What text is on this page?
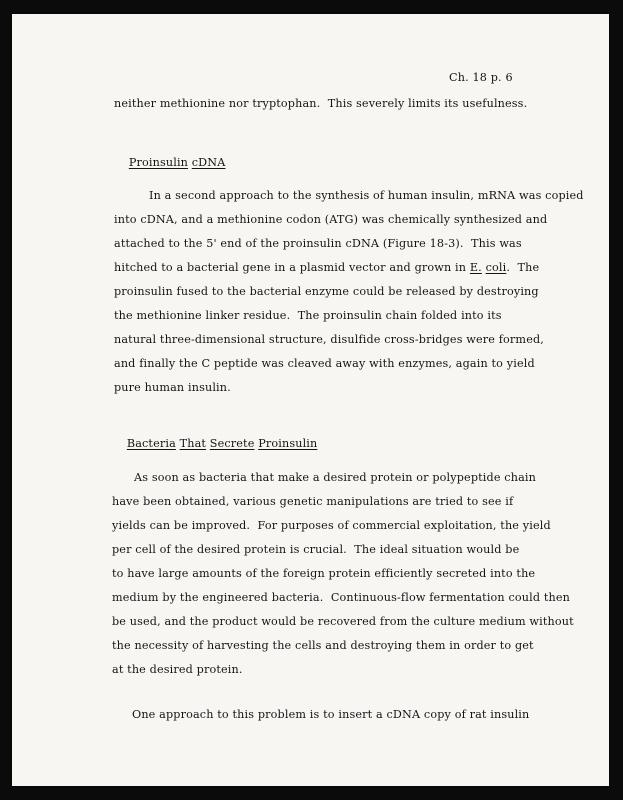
Ch. 18 p. 6
neither methionine nor tryptophan.  This severely limits its usefulness.

Proinsulin cDNA

In a second approach to the synthesis of human insulin, mRNA was copied
into cDNA, and a methionine codon (ATG) was chemically synthesized and
attached to the 5' end of the proinsulin cDNA (Figure 18-3).  This was
hitched to a bacterial gene in a plasmid vector and grown in E. coli.  The
proinsulin fused to the bacterial enzyme could be released by destroying
the methionine linker residue.  The proinsulin chain folded into its
natural three-dimensional structure, disulfide cross-bridges were formed,
and finally the C peptide was cleaved away with enzymes, again to yield
pure human insulin.

Bacteria That Secrete Proinsulin

As soon as bacteria that make a desired protein or polypeptide chain
have been obtained, various genetic manipulations are tried to see if
yields can be improved.  For purposes of commercial exploitation, the yield
per cell of the desired protein is crucial.  The ideal situation would be
to have large amounts of the foreign protein efficiently secreted into the
medium by the engineered bacteria.  Continuous-flow fermentation could then
be used, and the product would be recovered from the culture medium without
the necessity of harvesting the cells and destroying them in order to get
at the desired protein.
One approach to this problem is to insert a cDNA copy of rat insulin
